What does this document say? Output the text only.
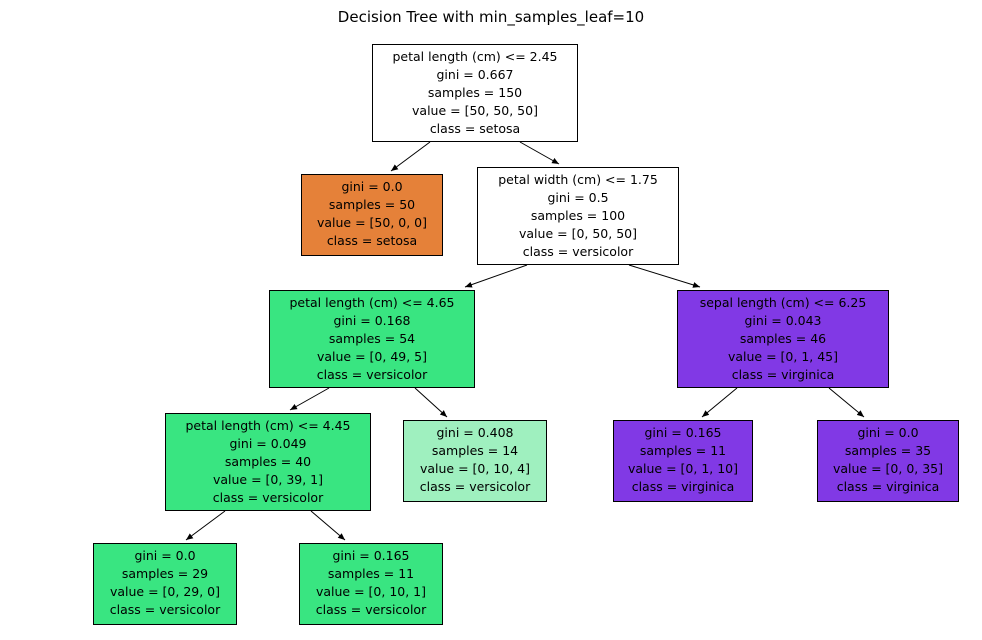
Decision Tree with min_samples_leaf=10
petal length (cm) <= 2.45
gini = 0.667
samples = 150
value = [50, 50, 50]
class = setosa
gini = 0.0
samples = 50
value = [50, 0, 0]
class = setosa
petal width (cm) <= 1.75
gini = 0.5
samples = 100
value = [0, 50, 50]
class = versicolor
petal length (cm) <= 4.65
gini = 0.168
samples = 54
value = [0, 49, 5]
class = versicolor
sepal length (cm) <= 6.25
gini = 0.043
samples = 46
value = [0, 1, 45]
class = virginica
petal length (cm) <= 4.45
gini = 0.049
samples = 40
value = [0, 39, 1]
class = versicolor
gini = 0.408
samples = 14
value = [0, 10, 4]
class = versicolor
gini = 0.165
samples = 11
value = [0, 1, 10]
class = virginica
gini = 0.0
samples = 35
value = [0, 0, 35]
class = virginica
gini = 0.0
samples = 29
value = [0, 29, 0]
class = versicolor
gini = 0.165
samples = 11
value = [0, 10, 1]
class = versicolor
